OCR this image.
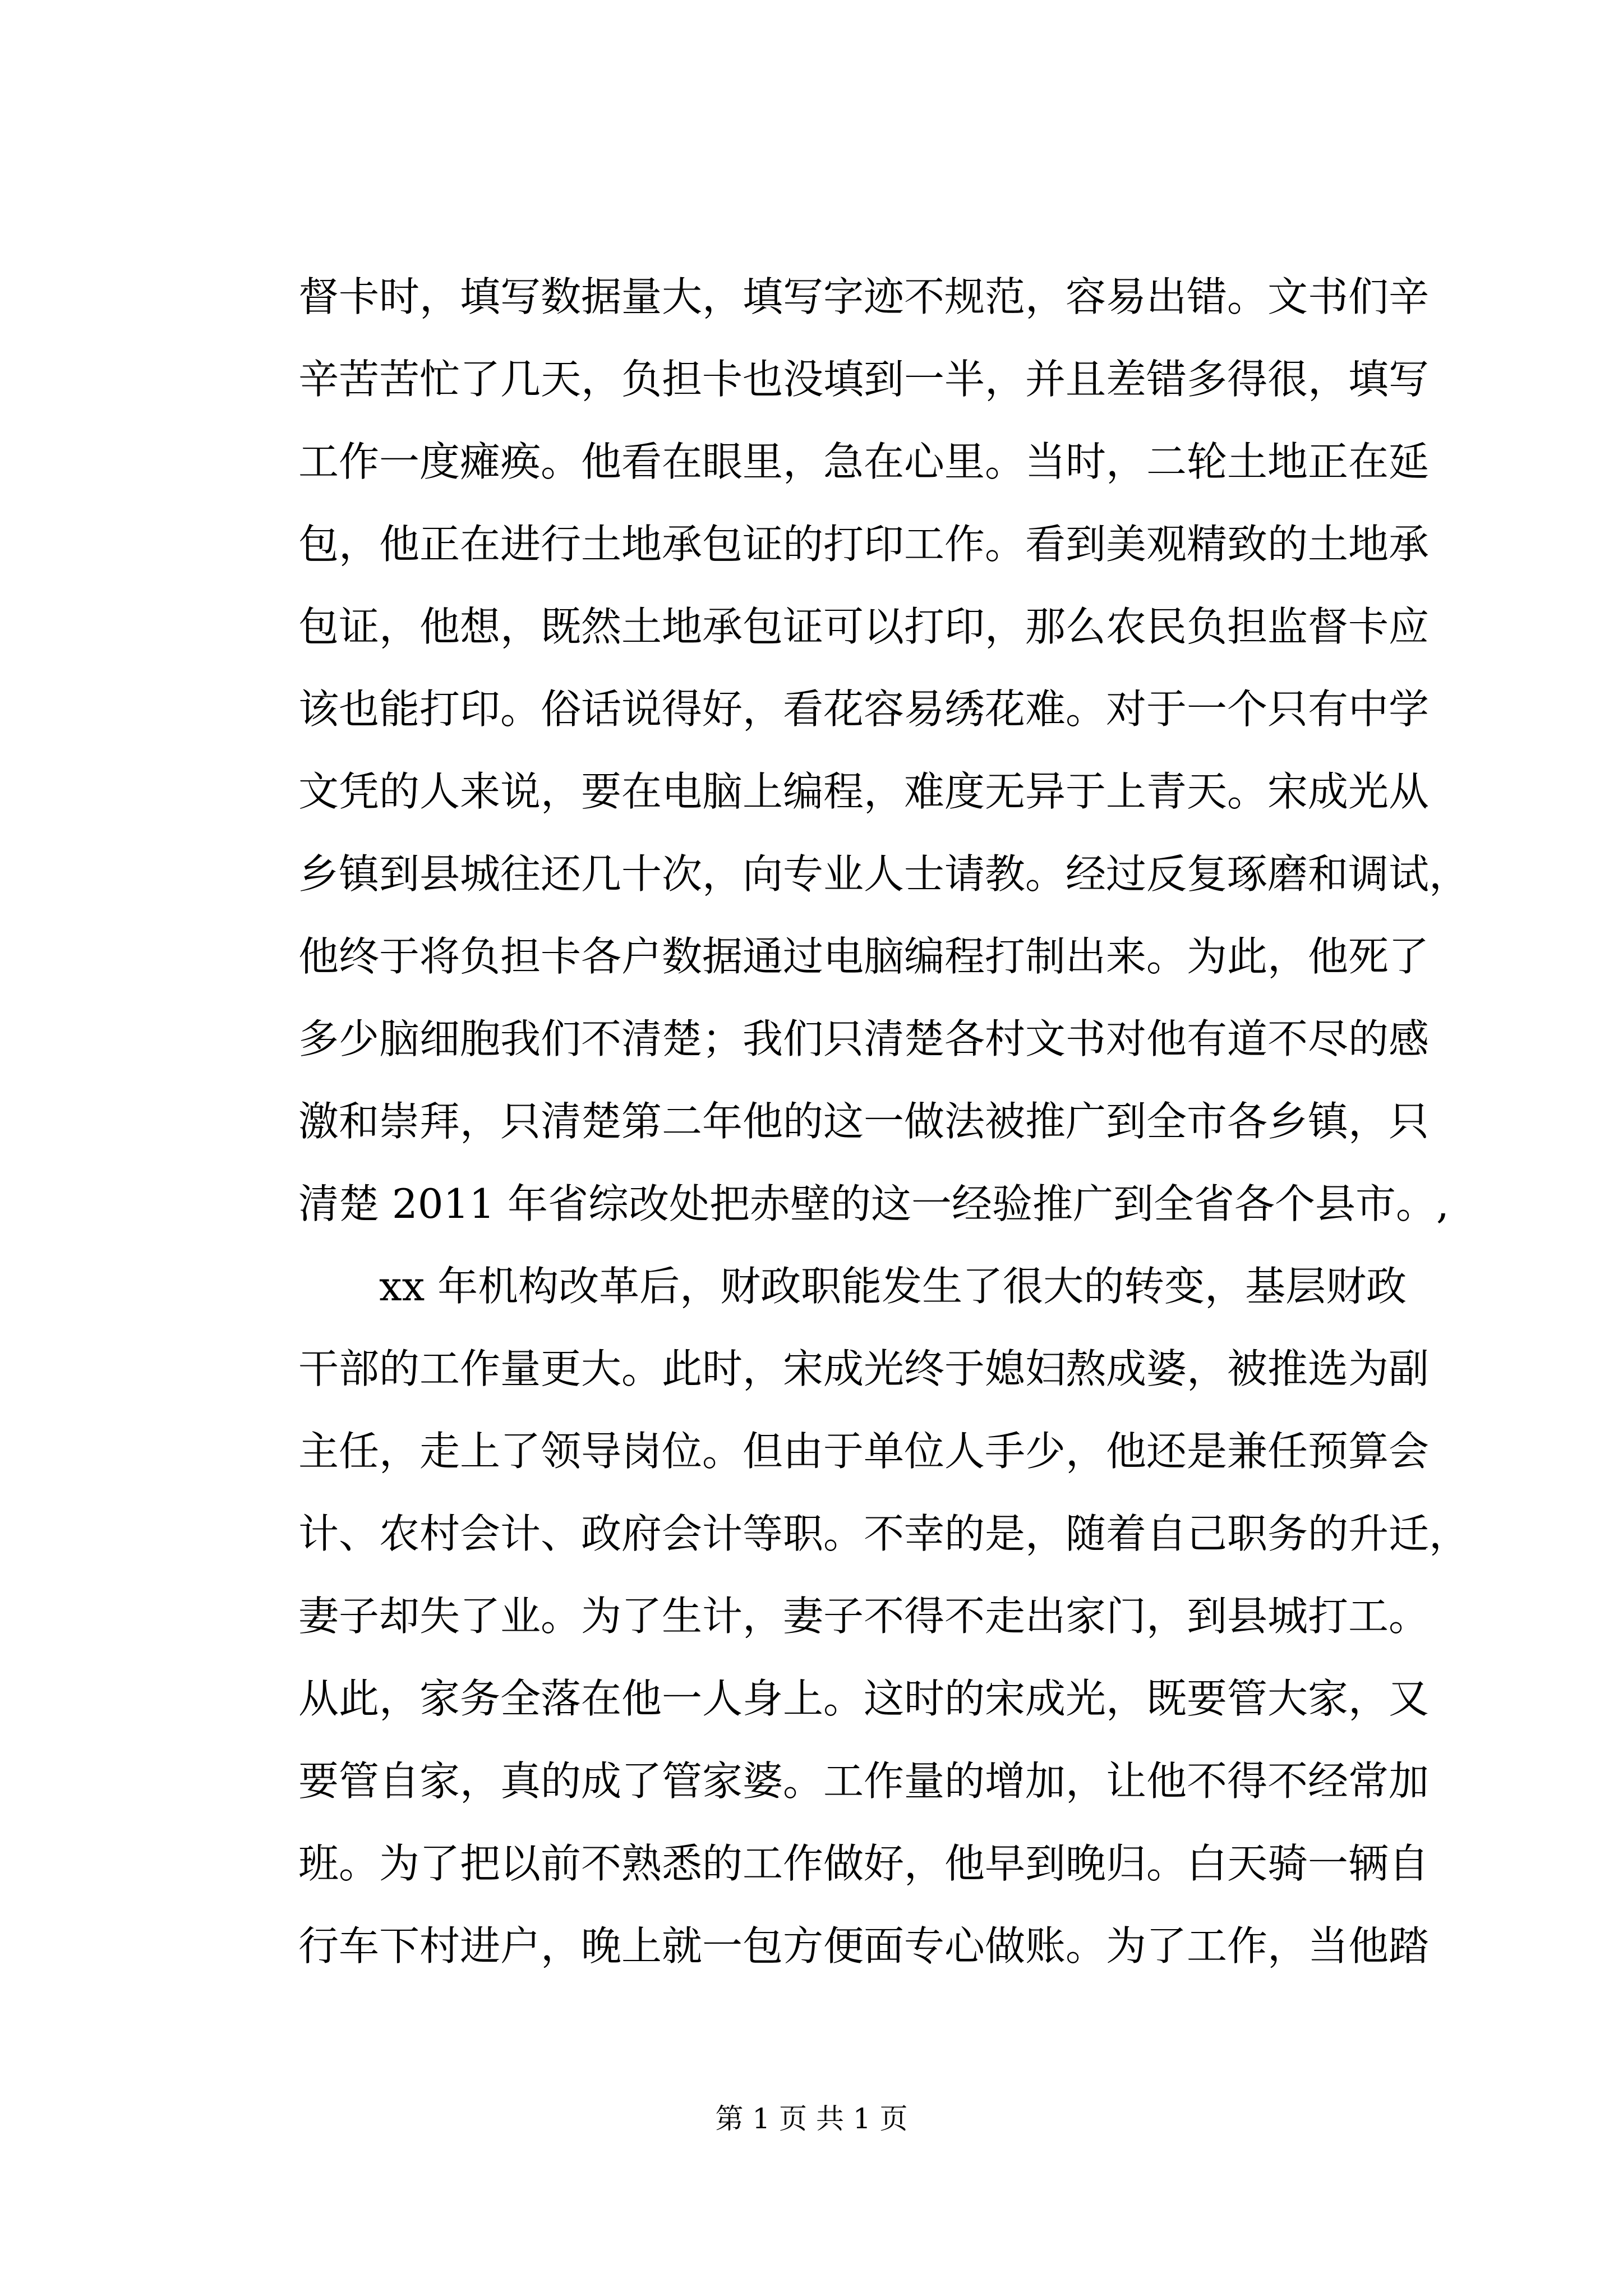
督卡时，填写数据量大，填写字迹不规范，容易出错。文书们辛
辛苦苦忙了几天，负担卡也没填到一半，并且差错多得很，填写
工作一度瘫痪。他看在眼里，急在心里。当时，二轮土地正在延
包，他正在进行土地承包证的打印工作。看到美观精致的土地承
包证，他想，既然土地承包证可以打印，那么农民负担监督卡应
该也能打印。俗话说得好，看花容易绣花难。对于一个只有中学
文凭的人来说，要在电脑上编程，难度无异于上青天。宋成光从
乡镇到县城往还几十次，向专业人士请教。经过反复琢磨和调试，
他终于将负担卡各户数据通过电脑编程打制出来。为此，他死了
多少脑细胞我们不清楚；我们只清楚各村文书对他有道不尽的感
激和崇拜，只清楚第二年他的这一做法被推广到全市各乡镇，只
清楚 2011 年省综改处把赤壁的这一经验推广到全省各个县市。,
xx 年机构改革后，财政职能发生了很大的转变，基层财政
干部的工作量更大。此时，宋成光终于媳妇熬成婆，被推选为副
主任，走上了领导岗位。但由于单位人手少，他还是兼任预算会
计、农村会计、政府会计等职。不幸的是，随着自己职务的升迁，
妻子却失了业。为了生计，妻子不得不走出家门，到县城打工。
从此，家务全落在他一人身上。这时的宋成光，既要管大家，又
要管自家，真的成了管家婆。工作量的增加，让他不得不经常加
班。为了把以前不熟悉的工作做好，他早到晚归。白天骑一辆自
行车下村进户，晚上就一包方便面专心做账。为了工作，当他踏
第 1 页 共 1 页
